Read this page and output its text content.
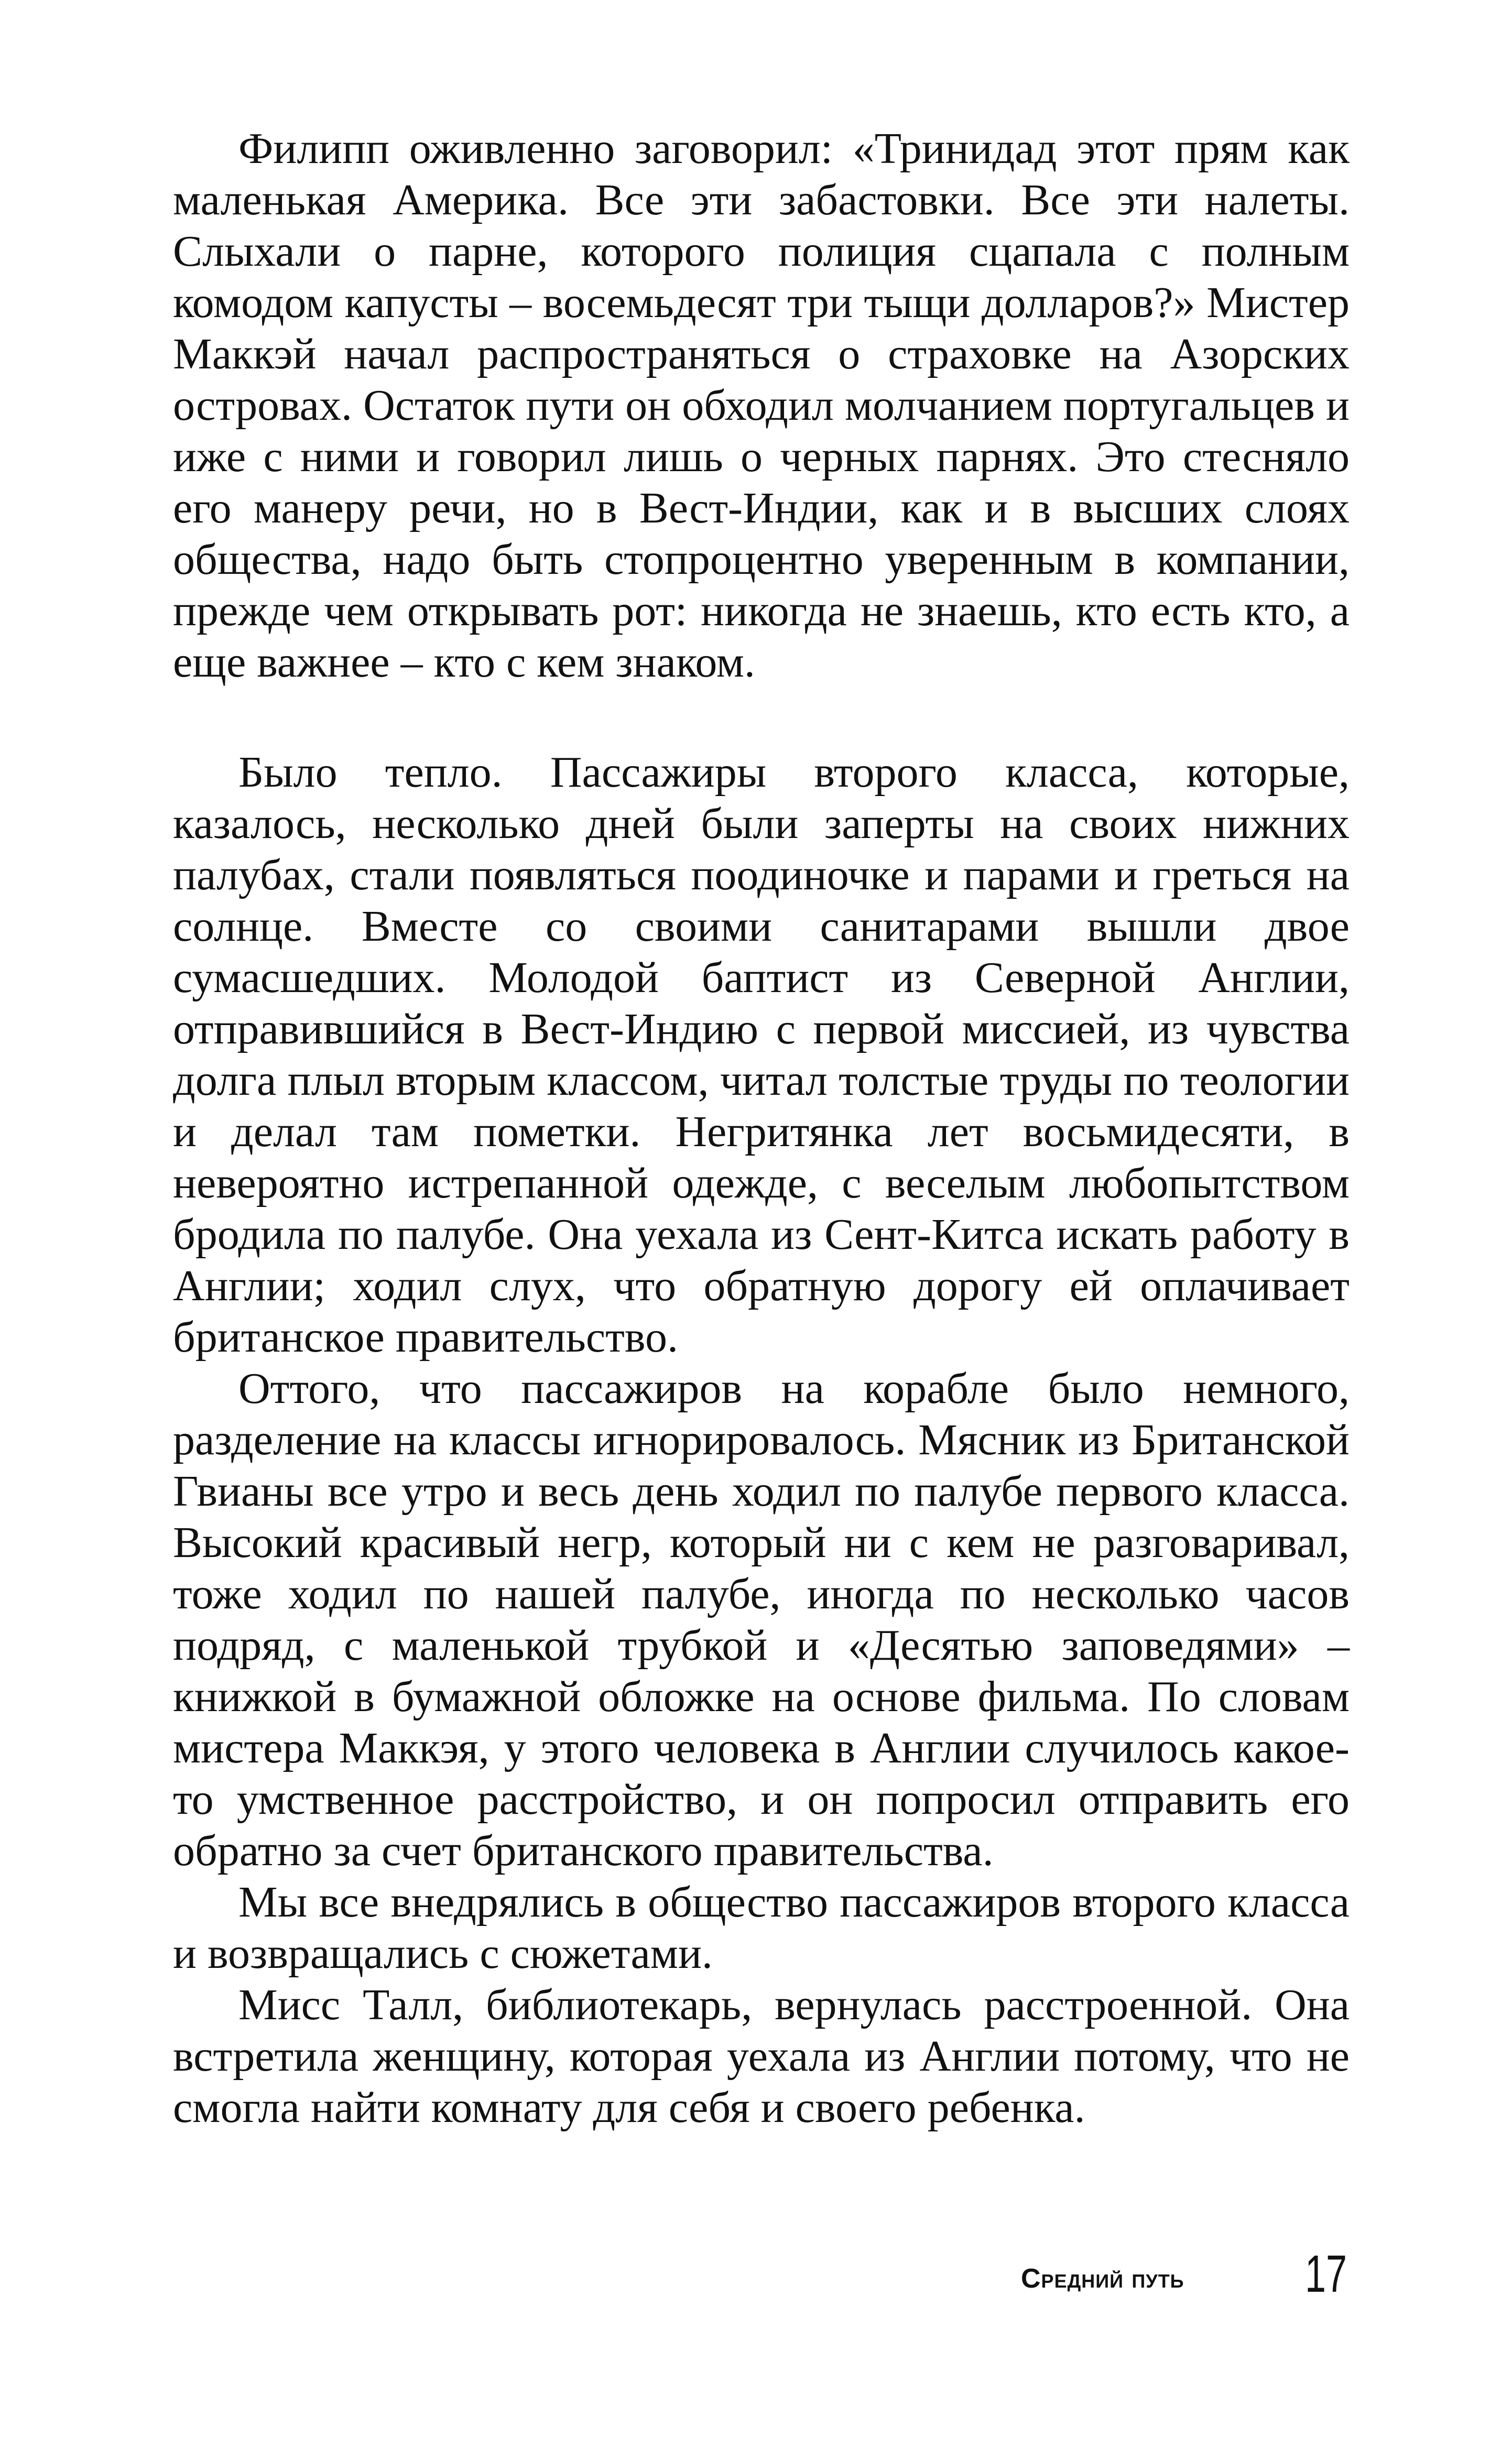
Филипп оживленно заговорил: «Тринидад этот прям как маленькая Америка. Все эти забастовки. Все эти налеты. Слыхали о парне, которого полиция сцапала с полным комодом капусты – восемьдесят три тыщи долларов?» Мистер Маккэй начал распространяться о страховке на Азорских островах. Остаток пути он обходил молчанием португальцев и иже с ними и говорил лишь о черных парнях. Это стесняло его манеру речи, но в Вест-Индии, как и в высших слоях общества, надо быть стопроцентно уверенным в компании, прежде чем открывать рот: никогда не знаешь, кто есть кто, а еще важнее – кто с кем знаком.

Было тепло. Пассажиры второго класса, которые, казалось, несколько дней были заперты на своих нижних палубах, стали появляться поодиночке и парами и греться на солнце. Вместе со своими санитарами вышли двое сумасшедших. Молодой баптист из Северной Англии, отправившийся в Вест-Индию с первой миссией, из чувства долга плыл вторым классом, читал толстые труды по теологии и делал там пометки. Негритянка лет восьмидесяти, в невероятно истрепанной одежде, с веселым любопытством бродила по палубе. Она уехала из Сент-Китса искать работу в Англии; ходил слух, что обратную дорогу ей оплачивает британское правительство.

Оттого, что пассажиров на корабле было немного, разделение на классы игнорировалось. Мясник из Британской Гвианы все утро и весь день ходил по палубе первого класса. Высокий красивый негр, который ни с кем не разговаривал, тоже ходил по нашей палубе, иногда по несколько часов подряд, с маленькой трубкой и «Десятью заповедями» – книжкой в бумажной обложке на основе фильма. По словам мистера Маккэя, у этого человека в Англии случилось какое-то умственное расстройство, и он попросил отправить его обратно за счет британского правительства.

Мы все внедрялись в общество пассажиров второго класса и возвращались с сюжетами.

Мисс Талл, библиотекарь, вернулась расстроенной. Она встретила женщину, которая уехала из Англии потому, что не смогла найти комнату для себя и своего ребенка.

Средний путь 17
